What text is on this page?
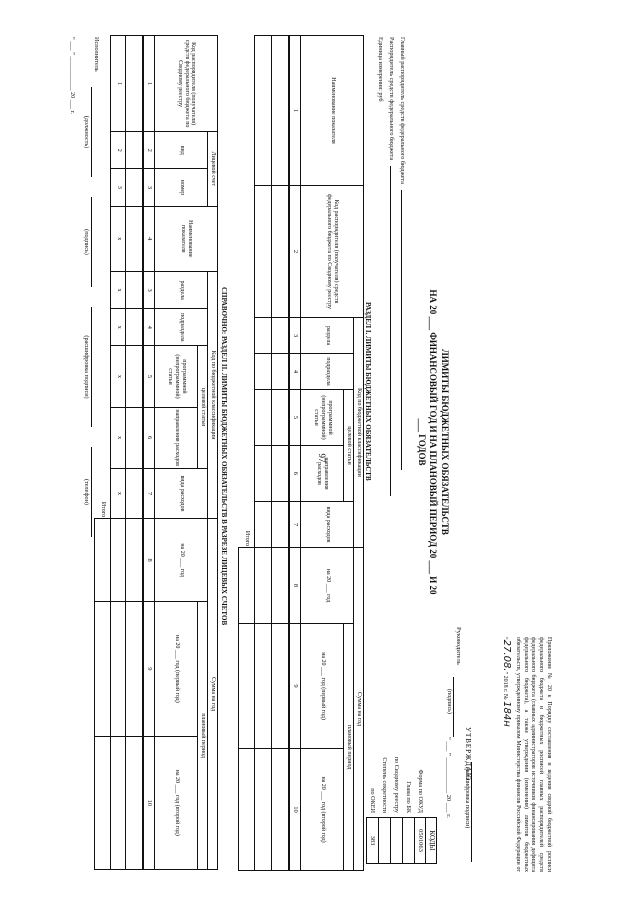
97
Приложение № 20 к Порядку составления и ведения сводной бюджетной росписи федерального бюджета и бюджетных росписей главных распорядителей средств федерального бюджета (главных администраторов источников финансирования дефицита федерального бюджета), а также утверждения (изменения) лимитов бюджетных обязательств, утвержденному приказом Министерства финансов Российской Федерации от “27.08.” 2018 г. № 184н
УТВЕРЖДАЮ
Руководитель
(подпись)
(расшифровка подписи)
“ ___ ” ___________ 20 ___ г.
ЛИМИТЫ БЮДЖЕТНЫХ ОБЯЗАТЕЛЬСТВ
НА 20 ___ ФИНАНСОВЫЙ ГОД И НА ПЛАНОВЫЙ ПЕРИОД 20 ___ И 20 ___ ГОДОВ
КОДЫ
0501063
383
Форма по ОКУД
Глава по БК
по Сводному реестру
Степень секретности
по ОКЕИ
Главный распорядитель средств федерального бюджета
Распорядитель средств федерального бюджета
Единица измерения: руб
РАЗДЕЛ I. ЛИМИТЫ БЮДЖЕТНЫХ ОБЯЗАТЕЛЬСТВ
Наименование показателя	Код распорядителя (получателя) средств федерального бюджета по Сводному реестру	Код по бюджетной классификации					Сумма на год		
		раздела	подраздела	целевой статьи		вида расходов	на 20 ___ год	плановый период	
				программной (непрограммной) статьи	направления расходов			на 20 ___ год (первый год)	на 20 ___ год (второй год)

1	2	3	4	5	6	7	8	9	10

Итого									
СПРАВОЧНО: РАЗДЕЛ II. ЛИМИТЫ БЮДЖЕТНЫХ ОБЯЗАТЕЛЬСТВ В РАЗРЕЗЕ ЛИЦЕВЫХ СЧЕТОВ
Код распорядителя (получателя) средств федерального бюджета по Сводному реестру	Лицевой счет		Наименование показателя	Код по бюджетной классификации					Сумма на год		
	вид	номер		раздела	подраздела	целевой статьи		вида расходов	на 20 ___ год	плановый период	
						программной (непрограммной) статьи	направления расходов			на 20 ___ год (первый год)	на 20 ___ год (второй год)

1	2	3	4	3	4	5	6	7	8	9	10

1	2	3	х	х	х	х	х	х			
Итого											
Исполнитель
(должность)
(подпись)
(расшифровка подписи)
(телефон)
“ ___ ” ___________ 20 ___ г.
